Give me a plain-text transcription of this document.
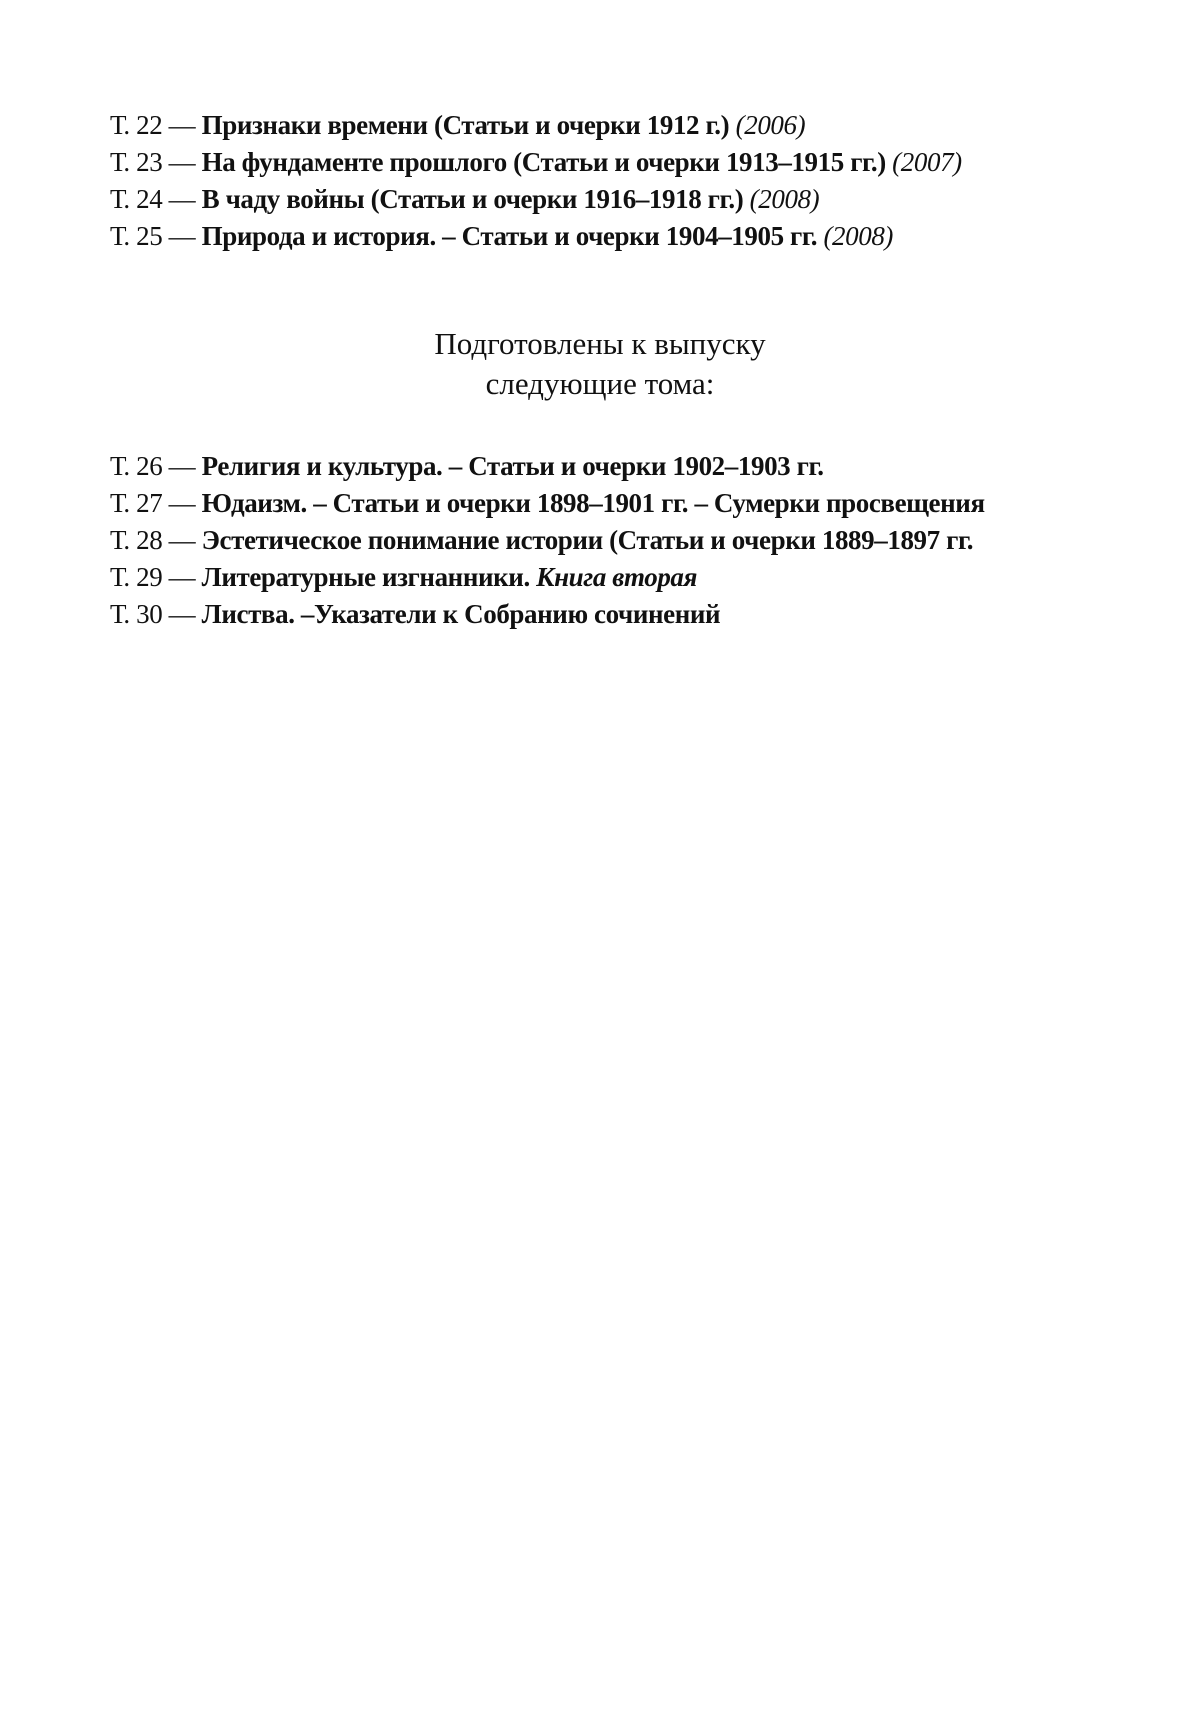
Т. 22 — Признаки времени (Статьи и очерки 1912 г.) (2006)
Т. 23 — На фундаменте прошлого (Статьи и очерки 1913–1915 гг.) (2007)
Т. 24 — В чаду войны (Статьи и очерки 1916–1918 гг.) (2008)
Т. 25 — Природа и история. – Статьи и очерки 1904–1905 гг. (2008)
Подготовлены к выпуску
следующие тома:
Т. 26 — Религия и культура. – Статьи и очерки 1902–1903 гг.
Т. 27 — Юдаизм. – Статьи и очерки 1898–1901 гг. – Сумерки просвещения
Т. 28 — Эстетическое понимание истории (Статьи и очерки 1889–1897 гг.
Т. 29 — Литературные изгнанники. Книга вторая
Т. 30 — Листва. –Указатели к Собранию сочинений
